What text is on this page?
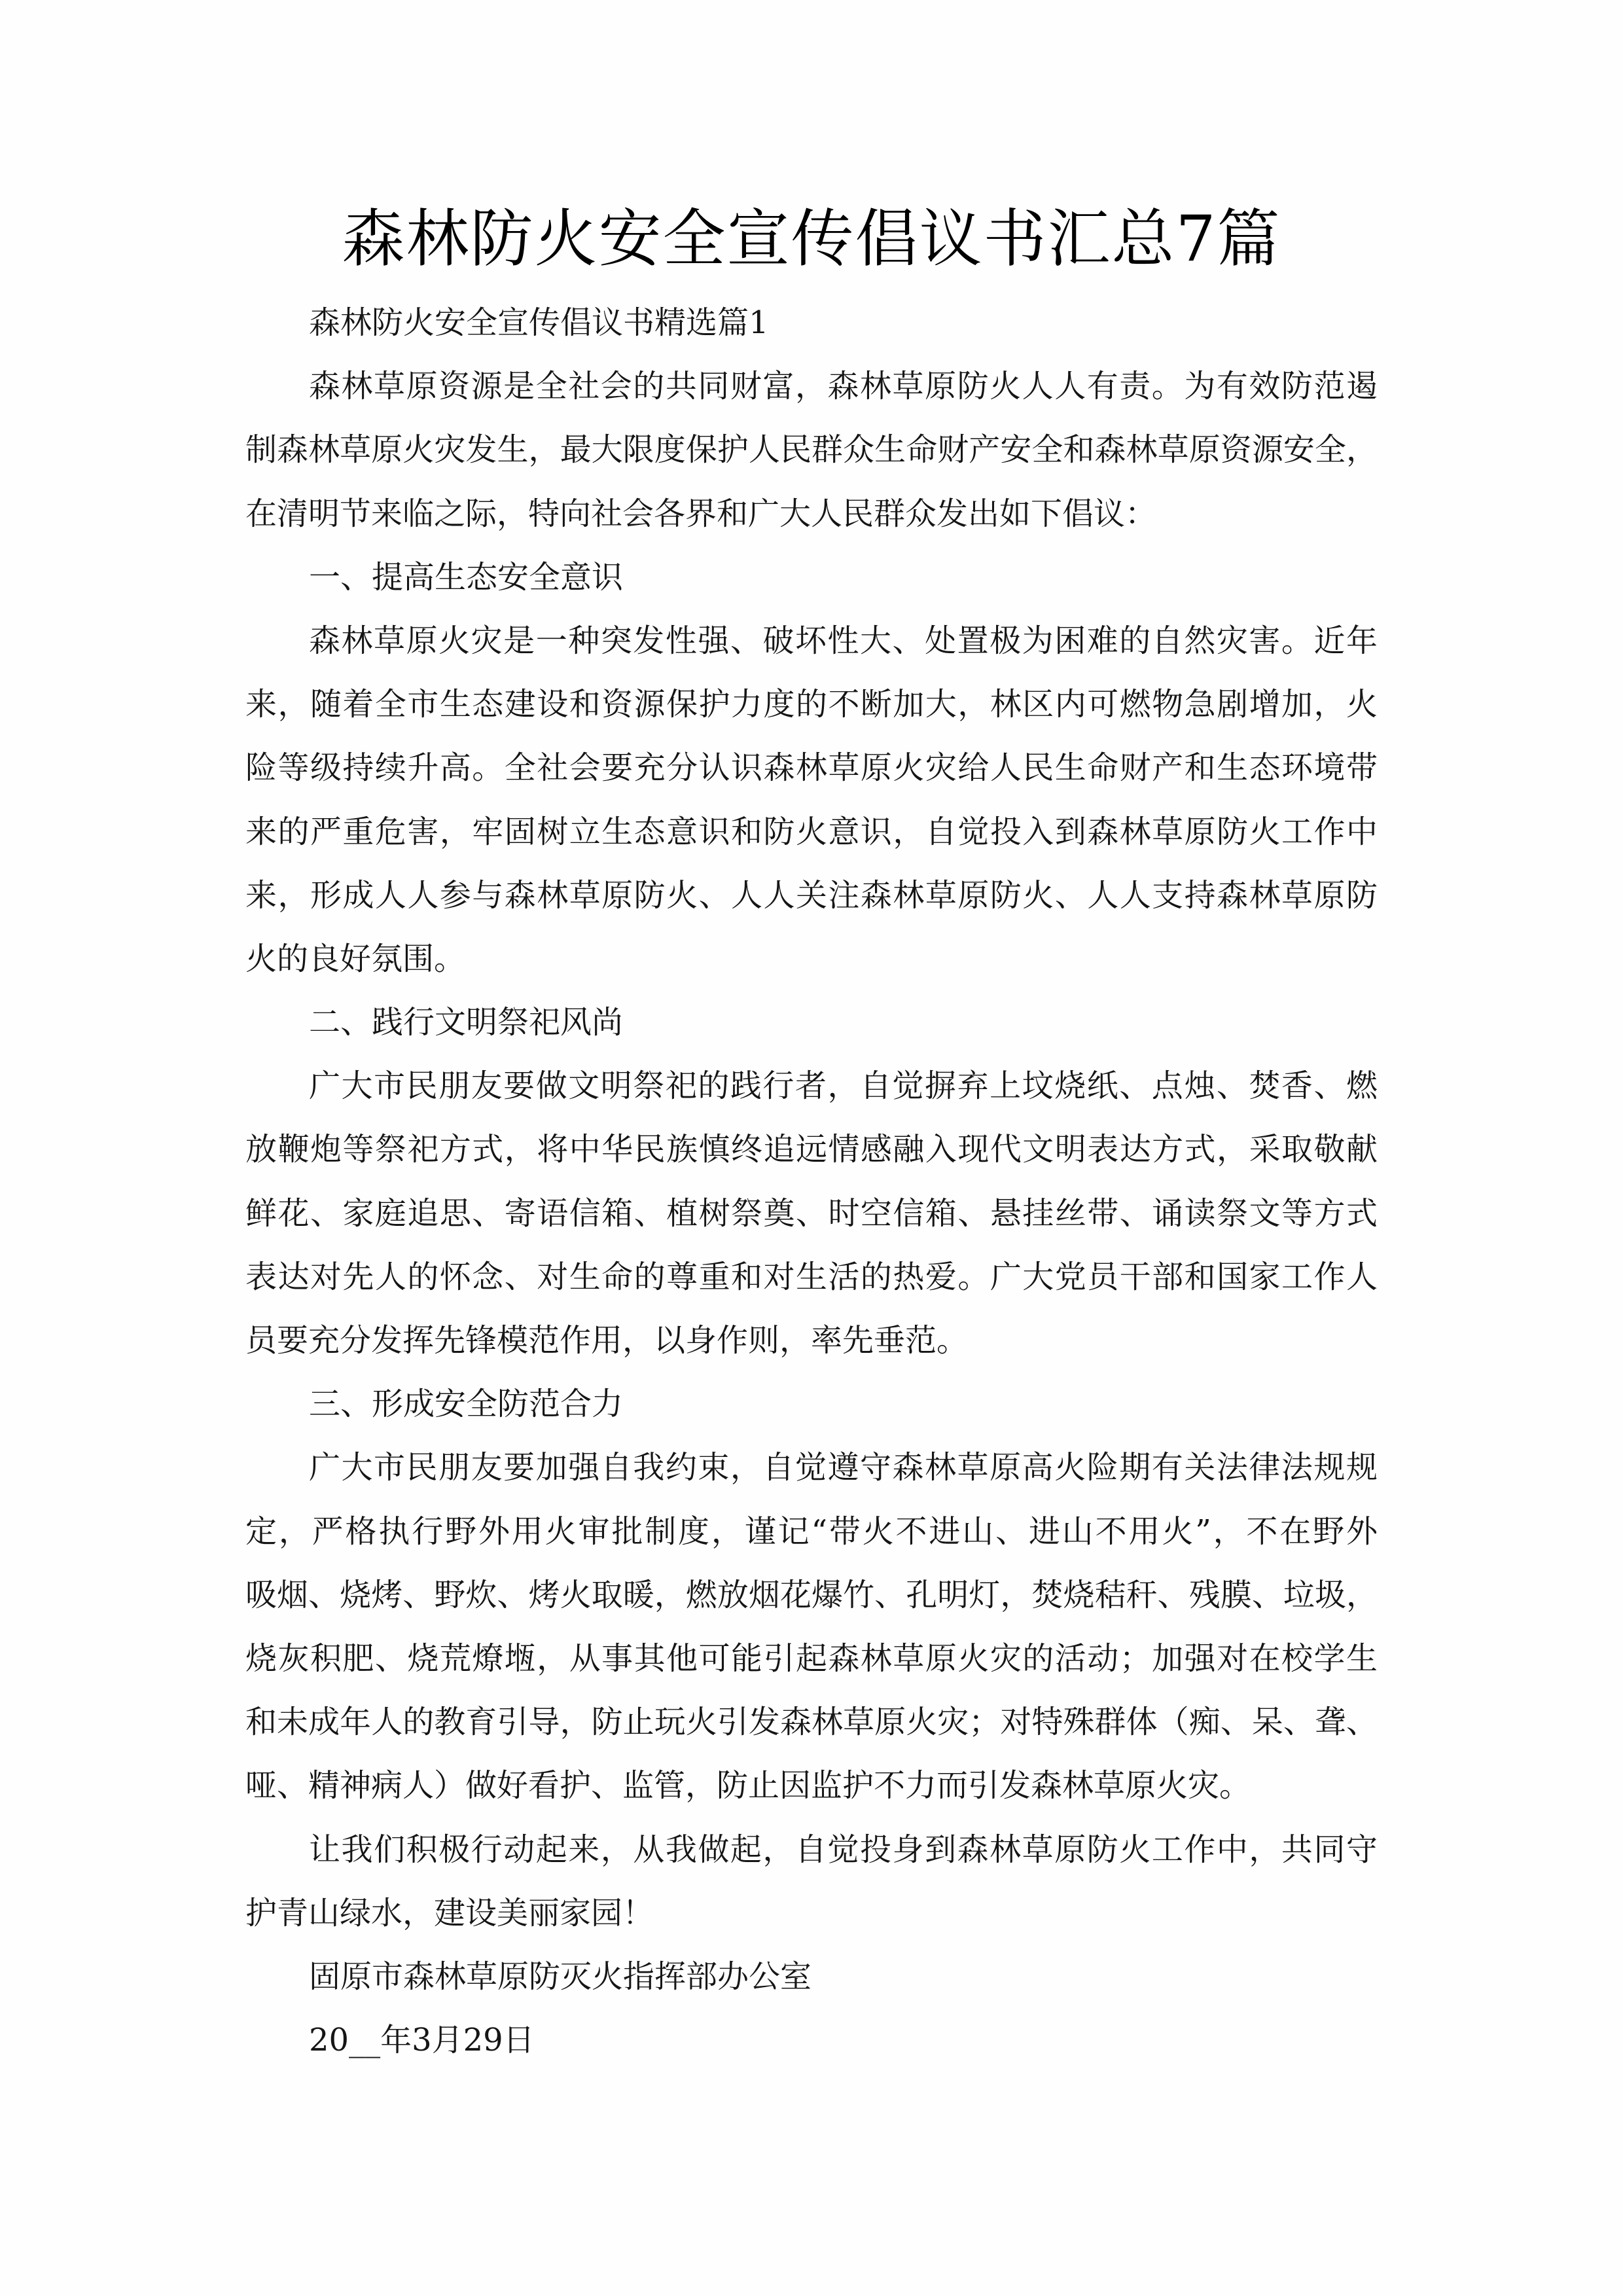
森林防火安全宣传倡议书汇总7篇
森林防火安全宣传倡议书精选篇1
森林草原资源是全社会的共同财富，森林草原防火人人有责。为有效防范遏
制森林草原火灾发生，最大限度保护人民群众生命财产安全和森林草原资源安全，
在清明节来临之际，特向社会各界和广大人民群众发出如下倡议：
一、提高生态安全意识
森林草原火灾是一种突发性强、破坏性大、处置极为困难的自然灾害。近年
来，随着全市生态建设和资源保护力度的不断加大，林区内可燃物急剧增加，火
险等级持续升高。全社会要充分认识森林草原火灾给人民生命财产和生态环境带
来的严重危害，牢固树立生态意识和防火意识，自觉投入到森林草原防火工作中
来，形成人人参与森林草原防火、人人关注森林草原防火、人人支持森林草原防
火的良好氛围。
二、践行文明祭祀风尚
广大市民朋友要做文明祭祀的践行者，自觉摒弃上坟烧纸、点烛、焚香、燃
放鞭炮等祭祀方式，将中华民族慎终追远情感融入现代文明表达方式，采取敬献
鲜花、家庭追思、寄语信箱、植树祭奠、时空信箱、悬挂丝带、诵读祭文等方式
表达对先人的怀念、对生命的尊重和对生活的热爱。广大党员干部和国家工作人
员要充分发挥先锋模范作用，以身作则，率先垂范。
三、形成安全防范合力
广大市民朋友要加强自我约束，自觉遵守森林草原高火险期有关法律法规规
定，严格执行野外用火审批制度，谨记“带火不进山、进山不用火”，不在野外
吸烟、烧烤、野炊、烤火取暖，燃放烟花爆竹、孔明灯，焚烧秸秆、残膜、垃圾，
烧灰积肥、烧荒燎堩，从事其他可能引起森林草原火灾的活动；加强对在校学生
和未成年人的教育引导，防止玩火引发森林草原火灾；对特殊群体（痴、呆、聋、
哑、精神病人）做好看护、监管，防止因监护不力而引发森林草原火灾。
让我们积极行动起来，从我做起，自觉投身到森林草原防火工作中，共同守
护青山绿水，建设美丽家园！
固原市森林草原防灭火指挥部办公室
20__年3月29日
